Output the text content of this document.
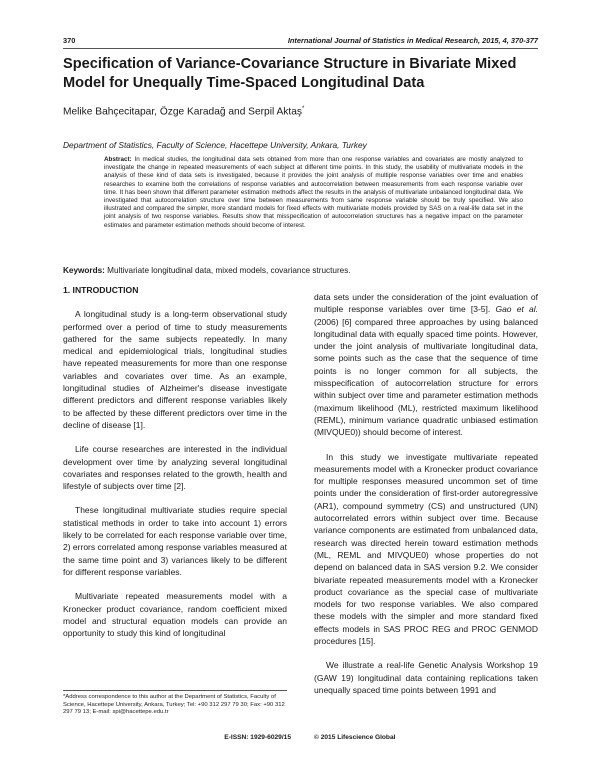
370	International Journal of Statistics in Medical Research, 2015, 4, 370-377
Specification of Variance-Covariance Structure in Bivariate Mixed Model for Unequally Time-Spaced Longitudinal Data
Melike Bahçecitapar, Özge Karadağ and Serpil Aktaş*
Department of Statistics, Faculty of Science, Hacettepe University, Ankara, Turkey
Abstract: In medical studies, the longitudinal data sets obtained from more than one response variables and covariates are mostly analyzed to investigate the change in repeated measurements of each subject at different time points. In this study, the usability of multivariate models in the analysis of these kind of data sets is investigated, because it provides the joint analysis of multiple response variables over time and enables researches to examine both the correlations of response variables and autocorrelation between measurements from each response variable over time. It has been shown that different parameter estimation methods affect the results in the analysis of multivariate unbalanced longitudinal data. We investigated that autocorrelation structure over time between measurements from same response variable should be truly specified. We also illustrated and compared the simpler, more standard models for fixed effects with multivariate models provided by SAS on a real-life data set in the joint analysis of two response variables. Results show that misspecification of autocorrelation structures has a negative impact on the parameter estimates and parameter estimation methods should become of interest.
Keywords: Multivariate longitudinal data, mixed models, covariance structures.
1. INTRODUCTION

A longitudinal study is a long-term observational study performed over a period of time to study measurements gathered for the same subjects repeatedly. In many medical and epidemiological trials, longitudinal studies have repeated measurements for more than one response variables and covariates over time. As an example, longitudinal studies of Alzheimer's disease investigate different predictors and different response variables likely to be affected by these different predictors over time in the decline of disease [1].

Life course researches are interested in the individual development over time by analyzing several longitudinal covariates and responses related to the growth, health and lifestyle of subjects over time [2].

These longitudinal multivariate studies require special statistical methods in order to take into account 1) errors likely to be correlated for each response variable over time, 2) errors correlated among response variables measured at the same time point and 3) variances likely to be different for different response variables.

Multivariate repeated measurements model with a Kronecker product covariance, random coefficient mixed model and structural equation models can provide an opportunity to study this kind of longitudinal

*Address correspondence to this author at the Department of Statistics, Faculty of Science, Hacettepe University, Ankara, Turkey; Tel: +90 312 297 79 30; Fax: +90 312 297 79 13; E-mail: spi@hacettepe.edu.tr

data sets under the consideration of the joint evaluation of multiple response variables over time [3-5]. Gao et al. (2006) [6] compared three approaches by using balanced longitudinal data with equally spaced time points. However, under the joint analysis of multivariate longitudinal data, some points such as the case that the sequence of time points is no longer common for all subjects, the misspecification of autocorrelation structure for errors within subject over time and parameter estimation methods (maximum likelihood (ML), restricted maximum likelihood (REML), minimum variance quadratic unbiased estimation (MIVQUE0)) should become of interest.

In this study we investigate multivariate repeated measurements model with a Kronecker product covariance for multiple responses measured uncommon set of time points under the consideration of first-order autoregressive (AR1), compound symmetry (CS) and unstructured (UN) autocorrelated errors within subject over time. Because variance components are estimated from unbalanced data, research was directed herein toward estimation methods (ML, REML and MIVQUE0) whose properties do not depend on balanced data in SAS version 9.2. We consider bivariate repeated measurements model with a Kronecker product covariance as the special case of multivariate models for two response variables. We also compared these models with the simpler and more standard fixed effects models in SAS PROC REG and PROC GENMOD procedures [15].

We illustrate a real-life Genetic Analysis Workshop 19 (GAW 19) longitudinal data containing replications taken unequally spaced time points between 1991 and

E-ISSN: 1929-6029/15	© 2015 Lifescience Global
